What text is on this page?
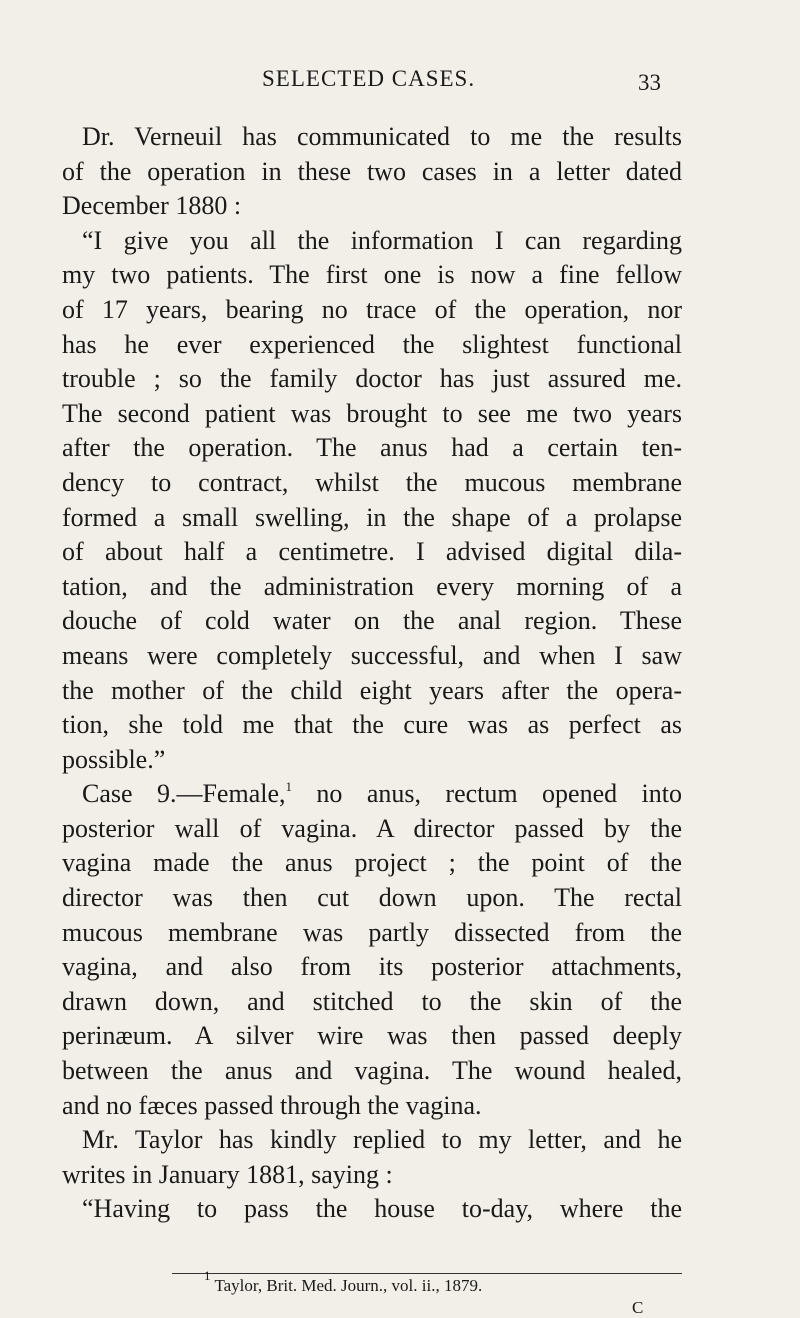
SELECTED CASES.	33
Dr. Verneuil has communicated to me the results
of the operation in these two cases in a letter dated
December 1880 :
“I give you all the information I can regarding
my two patients. The first one is now a fine fellow
of 17 years, bearing no trace of the operation, nor
has he ever experienced the slightest functional
trouble ; so the family doctor has just assured me.
The second patient was brought to see me two years
after the operation. The anus had a certain ten-
dency to contract, whilst the mucous membrane
formed a small swelling, in the shape of a prolapse
of about half a centimetre. I advised digital dila-
tation, and the administration every morning of a
douche of cold water on the anal region. These
means were completely successful, and when I saw
the mother of the child eight years after the opera-
tion, she told me that the cure was as perfect as
possible.”
Case 9.—Female,$^1$ no anus, rectum opened into
posterior wall of vagina. A director passed by the
vagina made the anus project ; the point of the
director was then cut down upon. The rectal
mucous membrane was partly dissected from the
vagina, and also from its posterior attachments,
drawn down, and stitched to the skin of the
perinæum. A silver wire was then passed deeply
between the anus and vagina. The wound healed,
and no fæces passed through the vagina.
Mr. Taylor has kindly replied to my letter, and he
writes in January 1881, saying :
“Having to pass the house to-day, where the
$^1$ Taylor, Brit. Med. Journ., vol. ii., 1879.
C
